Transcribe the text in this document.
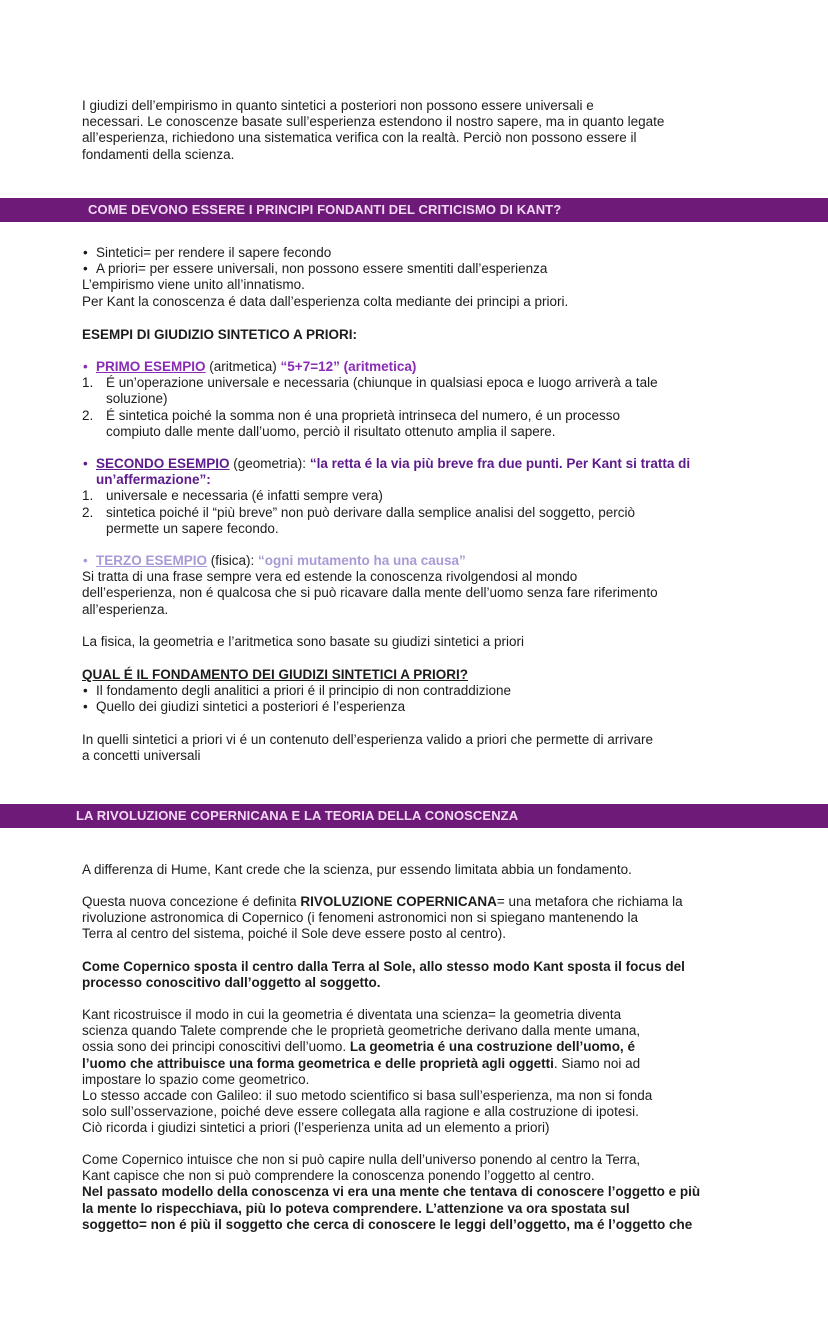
I giudizi dell’empirismo in quanto sintetici a posteriori non possono essere universali e

necessari. Le conoscenze basate sull’esperienza estendono il nostro sapere, ma in quanto legate

all’esperienza, richiedono una sistematica verifica con la realtà. Perciò non possono essere il

fondamenti della scienza.

COME DEVONO ESSERE I PRINCIPI FONDANTI DEL CRITICISMO DI KANT?
• Sintetici= per rendere il sapere fecondo
• A priori= per essere universali, non possono essere smentiti dall’esperienza

L’empirismo viene unito all’innatismo.

Per Kant la conoscenza é data dall’esperienza colta mediante dei principi a priori.

ESEMPI DI GIUDIZIO SINTETICO A PRIORI:
• PRIMO ESEMPIO (aritmetica) “5+7=12” (aritmetica)
1. É un’operazione universale e necessaria (chiunque in qualsiasi epoca e luogo arriverà a tale
soluzione)
2. É sintetica poiché la somma non é una proprietà intrinseca del numero, é un processo
compiuto dalle mente dall’uomo, perciò il risultato ottenuto amplia il sapere.
• SECONDO ESEMPIO (geometria): “la retta é la via più breve fra due punti. Per Kant si tratta di
un’affermazione”:
1. universale e necessaria (é infatti sempre vera)
2. sintetica poiché il “più breve” non può derivare dalla semplice analisi del soggetto, perciò
permette un sapere fecondo.
• TERZO ESEMPIO (fisica): “ogni mutamento ha una causa”

Si tratta di una frase sempre vera ed estende la conoscenza rivolgendosi al mondo

dell’esperienza, non é qualcosa che si può ricavare dalla mente dell’uomo senza fare riferimento

all’esperienza.

La fisica, la geometria e l’aritmetica sono basate su giudizi sintetici a priori

QUAL É IL FONDAMENTO DEI GIUDIZI SINTETICI A PRIORI?

• Il fondamento degli analitici a priori é il principio di non contraddizione
• Quello dei giudizi sintetici a posteriori é l’esperienza

In quelli sintetici a priori vi é un contenuto dell’esperienza valido a priori che permette di arrivare

a concetti universali

LA RIVOLUZIONE COPERNICANA E LA TEORIA DELLA CONOSCENZA

A differenza di Hume, Kant crede che la scienza, pur essendo limitata abbia un fondamento.

Questa nuova concezione é definita RIVOLUZIONE COPERNICANA= una metafora che richiama la

rivoluzione astronomica di Copernico (i fenomeni astronomici non si spiegano mantenendo la

Terra al centro del sistema, poiché il Sole deve essere posto al centro).

Come Copernico sposta il centro dalla Terra al Sole, allo stesso modo Kant sposta il focus del

processo conoscitivo dall’oggetto al soggetto.

Kant ricostruisce il modo in cui la geometria é diventata una scienza= la geometria diventa

scienza quando Talete comprende che le proprietà geometriche derivano dalla mente umana,

ossia sono dei principi conoscitivi dell’uomo. La geometria é una costruzione dell’uomo, é

l’uomo che attribuisce una forma geometrica e delle proprietà agli oggetti. Siamo noi ad

impostare lo spazio come geometrico.

Lo stesso accade con Galileo: il suo metodo scientifico si basa sull’esperienza, ma non si fonda

solo sull’osservazione, poiché deve essere collegata alla ragione e alla costruzione di ipotesi.

Ciò ricorda i giudizi sintetici a priori (l’esperienza unita ad un elemento a priori)

Come Copernico intuisce che non si può capire nulla dell’universo ponendo al centro la Terra,

Kant capisce che non si può comprendere la conoscenza ponendo l’oggetto al centro.

Nel passato modello della conoscenza vi era una mente che tentava di conoscere l’oggetto e più

la mente lo rispecchiava, più lo poteva comprendere. L’attenzione va ora spostata sul

soggetto= non é più il soggetto che cerca di conoscere le leggi dell’oggetto, ma é l’oggetto che
